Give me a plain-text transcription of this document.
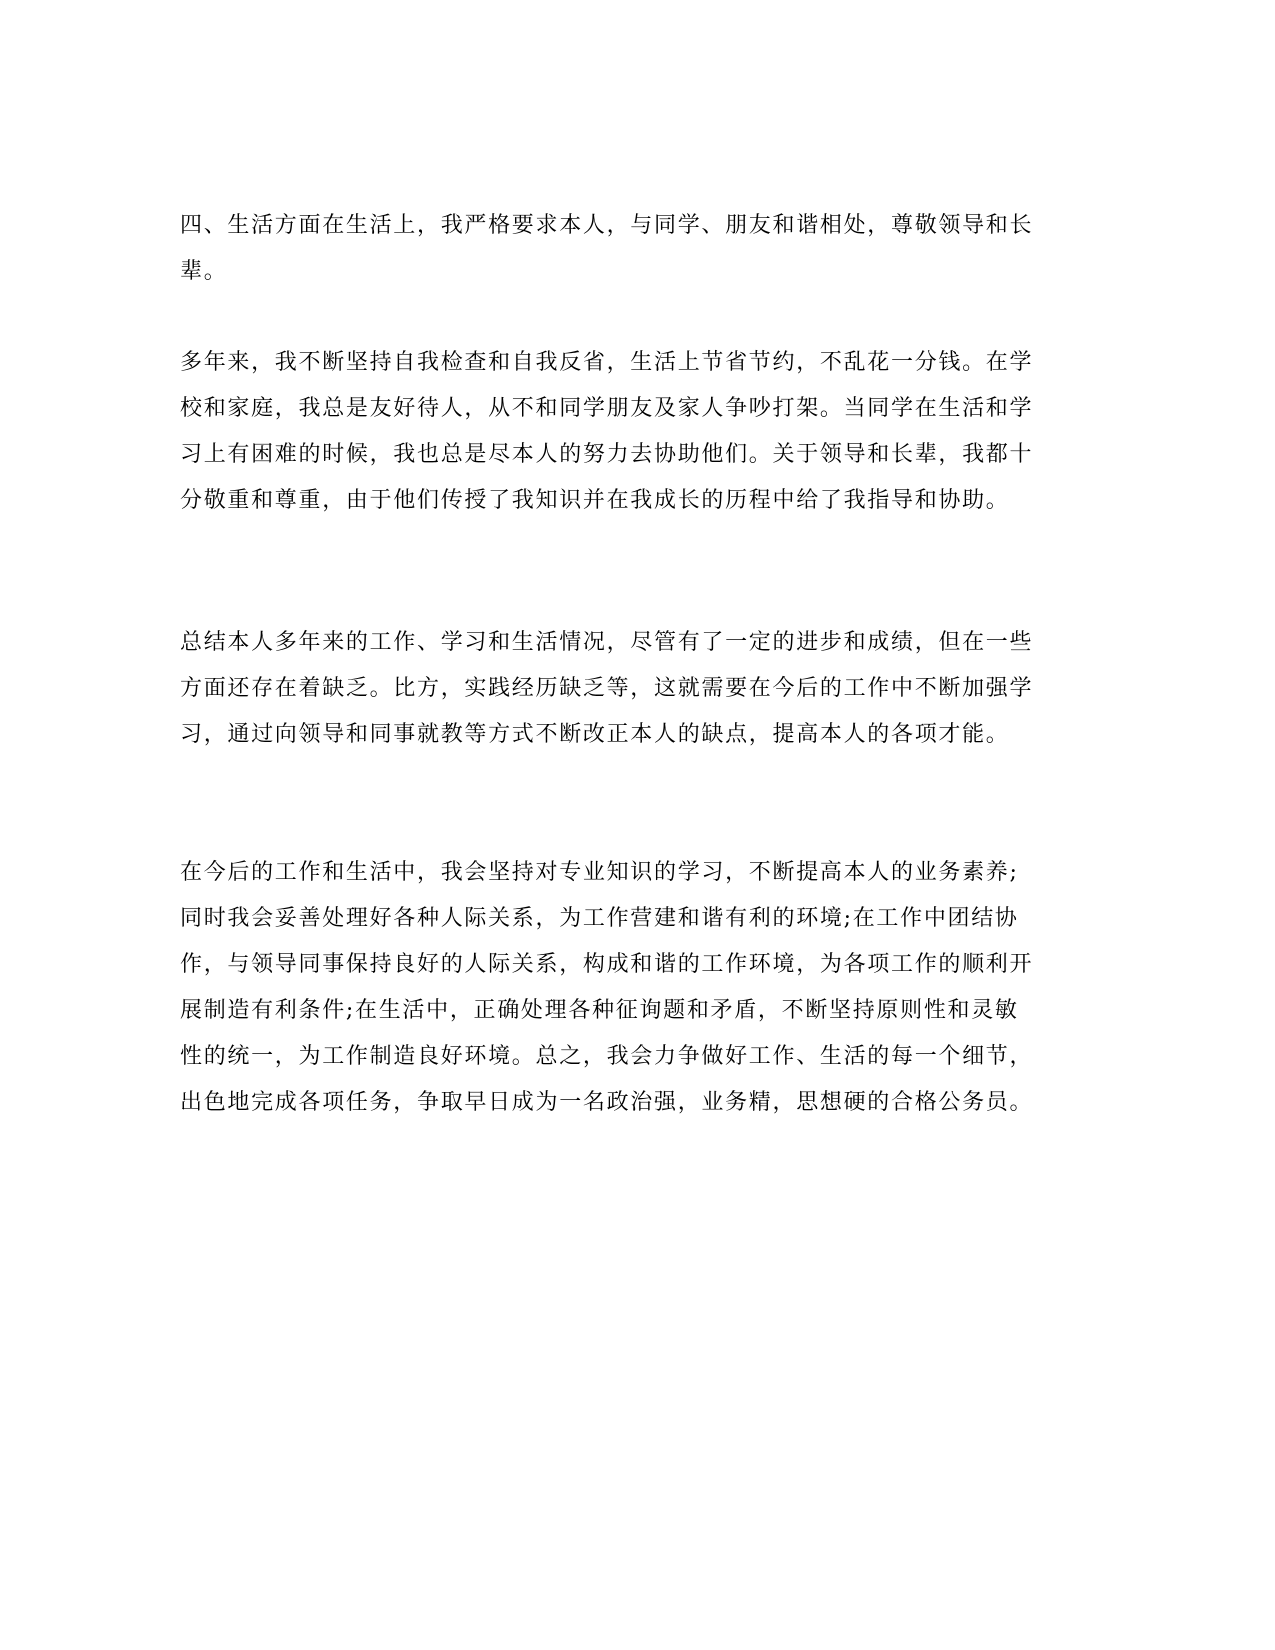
四、生活方面在生活上，我严格要求本人，与同学、朋友和谐相处，尊敬领导和长辈。

多年来，我不断坚持自我检查和自我反省，生活上节省节约，不乱花一分钱。在学校和家庭，我总是友好待人，从不和同学朋友及家人争吵打架。当同学在生活和学习上有困难的时候，我也总是尽本人的努力去协助他们。关于领导和长辈，我都十分敬重和尊重，由于他们传授了我知识并在我成长的历程中给了我指导和协助。

总结本人多年来的工作、学习和生活情况，尽管有了一定的进步和成绩，但在一些方面还存在着缺乏。比方，实践经历缺乏等，这就需要在今后的工作中不断加强学习，通过向领导和同事就教等方式不断改正本人的缺点，提高本人的各项才能。

在今后的工作和生活中，我会坚持对专业知识的学习，不断提高本人的业务素养;同时我会妥善处理好各种人际关系，为工作营建和谐有利的环境;在工作中团结协作，与领导同事保持良好的人际关系，构成和谐的工作环境，为各项工作的顺利开展制造有利条件;在生活中，正确处理各种征询题和矛盾，不断坚持原则性和灵敏性的统一，为工作制造良好环境。总之，我会力争做好工作、生活的每一个细节，出色地完成各项任务，争取早日成为一名政治强，业务精，思想硬的合格公务员。
